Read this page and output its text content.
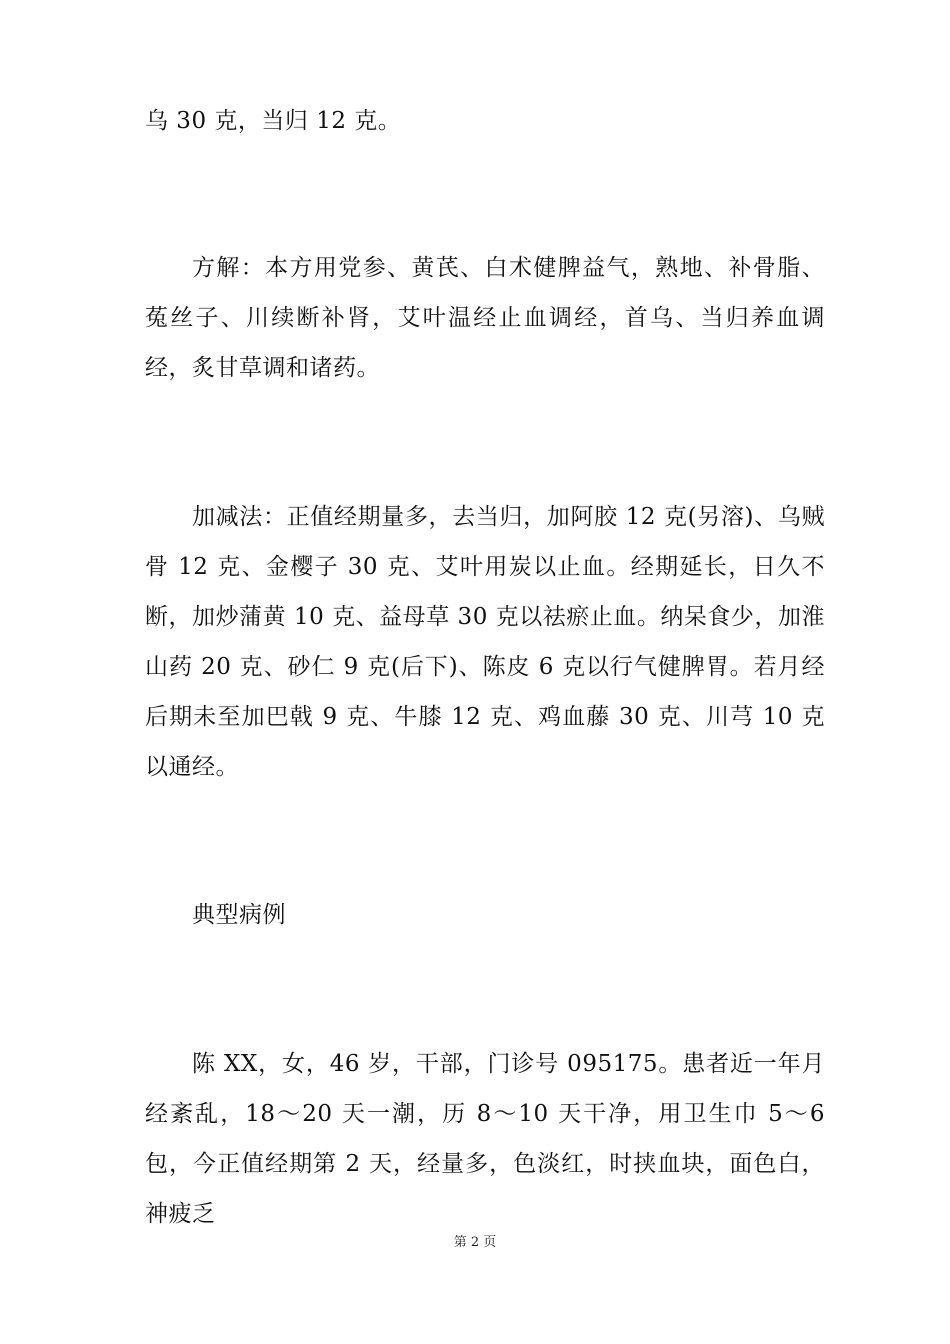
乌 30 克，当归 12 克。

方解：本方用党参、黄芪、白术健脾益气，熟地、补骨脂、菟丝子、川续断补肾，艾叶温经止血调经，首乌、当归养血调经，炙甘草调和诸药。

加减法：正值经期量多，去当归，加阿胶 12 克(另溶)、乌贼骨 12 克、金樱子 30 克、艾叶用炭以止血。经期延长，日久不断，加炒蒲黄 10 克、益母草 30 克以祛瘀止血。纳呆食少，加淮山药 20 克、砂仁 9 克(后下)、陈皮 6 克以行气健脾胃。若月经后期未至加巴戟 9 克、牛膝 12 克、鸡血藤 30 克、川芎 10 克以通经。

典型病例

陈 XX，女，46 岁，干部，门诊号 095175。患者近一年月经紊乱，18～20 天一潮，历 8～10 天干净，用卫生巾 5～6 包，今正值经期第 2 天，经量多，色淡红，时挟血块，面色白，神疲乏

第 2 页
